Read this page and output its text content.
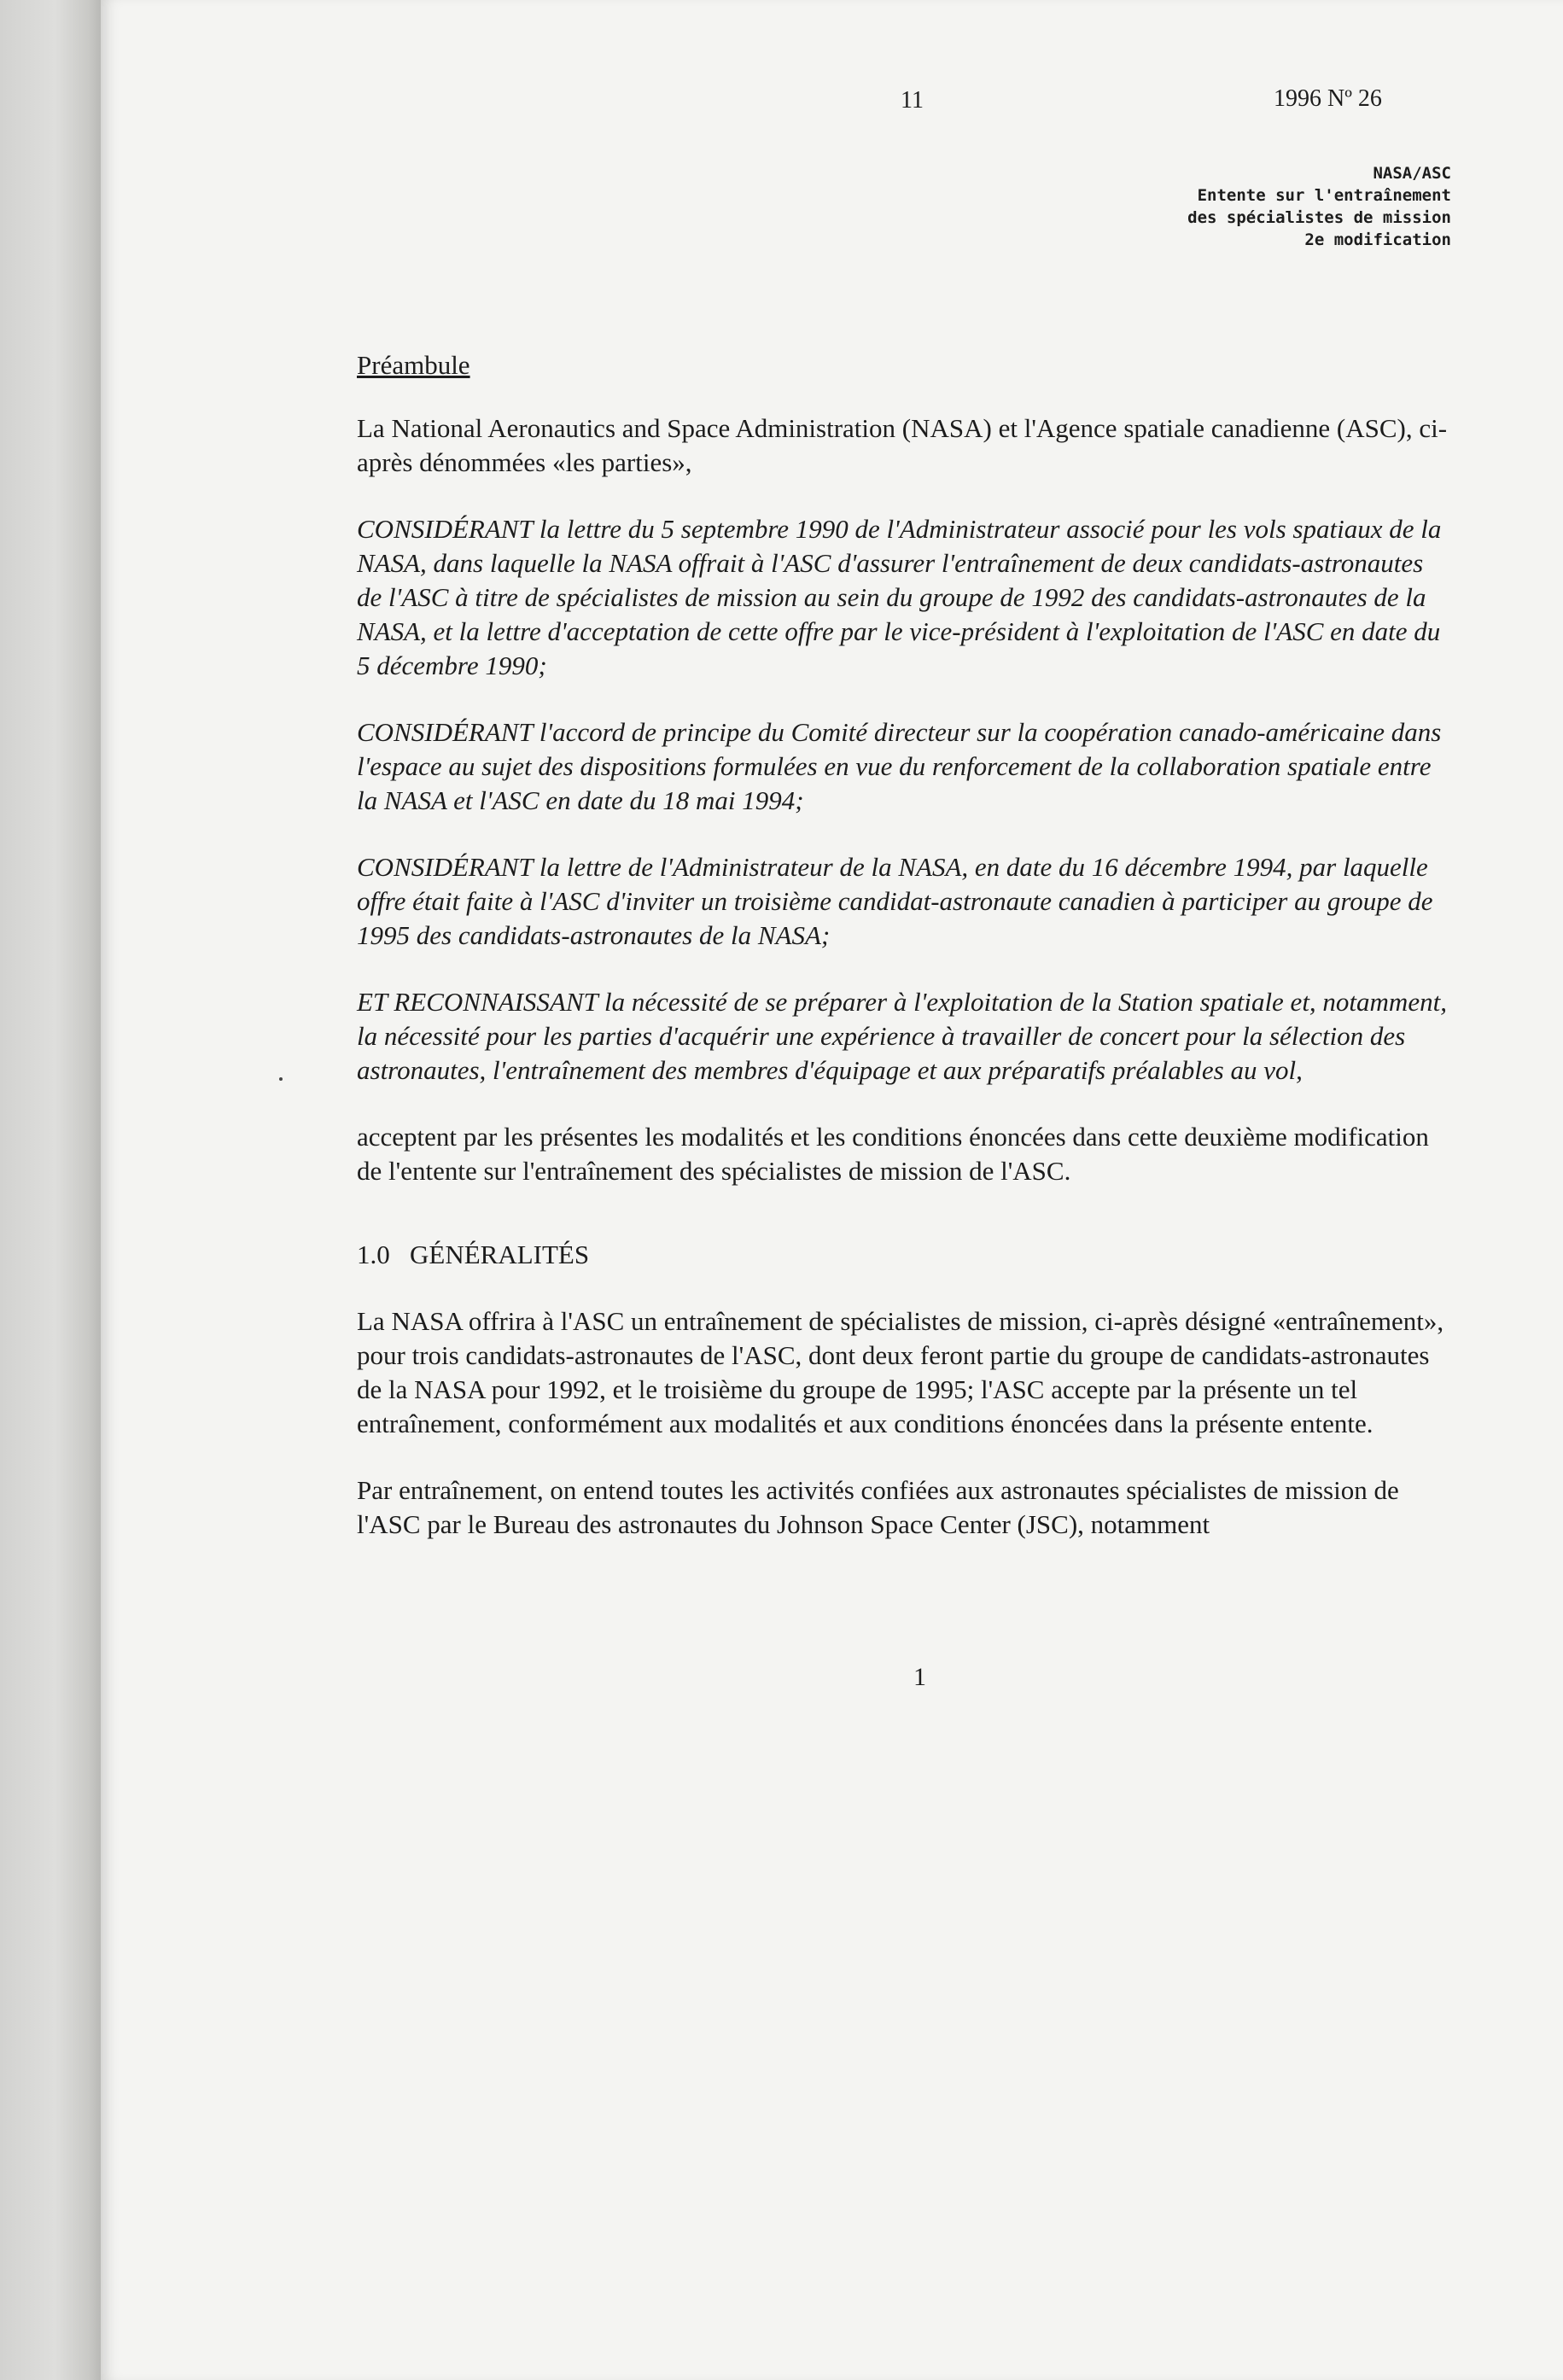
11	1996 Nº 26
NASA/ASC
Entente sur l'entraînement
des spécialistes de mission
2e modification

Préambule

La National Aeronautics and Space Administration (NASA) et l'Agence spatiale canadienne (ASC), ci-après dénommées «les parties»,

CONSIDÉRANT la lettre du 5 septembre 1990 de l'Administrateur associé pour les vols spatiaux de la NASA, dans laquelle la NASA offrait à l'ASC d'assurer l'entraînement de deux candidats-astronautes de l'ASC à titre de spécialistes de mission au sein du groupe de 1992 des candidats-astronautes de la NASA, et la lettre d'acceptation de cette offre par le vice-président à l'exploitation de l'ASC en date du 5 décembre 1990;

CONSIDÉRANT l'accord de principe du Comité directeur sur la coopération canado-américaine dans l'espace au sujet des dispositions formulées en vue du renforcement de la collaboration spatiale entre la NASA et l'ASC en date du 18 mai 1994;

CONSIDÉRANT la lettre de l'Administrateur de la NASA, en date du 16 décembre 1994, par laquelle offre était faite à l'ASC d'inviter un troisième candidat-astronaute canadien à participer au groupe de 1995 des candidats-astronautes de la NASA;

ET RECONNAISSANT la nécessité de se préparer à l'exploitation de la Station spatiale et, notamment, la nécessité pour les parties d'acquérir une expérience à travailler de concert pour la sélection des astronautes, l'entraînement des membres d'équipage et aux préparatifs préalables au vol,

acceptent par les présentes les modalités et les conditions énoncées dans cette deuxième modification de l'entente sur l'entraînement des spécialistes de mission de l'ASC.

1.0 GÉNÉRALITÉS

La NASA offrira à l'ASC un entraînement de spécialistes de mission, ci-après désigné «entraînement», pour trois candidats-astronautes de l'ASC, dont deux feront partie du groupe de candidats-astronautes de la NASA pour 1992, et le troisième du groupe de 1995; l'ASC accepte par la présente un tel entraînement, conformément aux modalités et aux conditions énoncées dans la présente entente.

Par entraînement, on entend toutes les activités confiées aux astronautes spécialistes de mission de l'ASC par le Bureau des astronautes du Johnson Space Center (JSC), notamment

1
